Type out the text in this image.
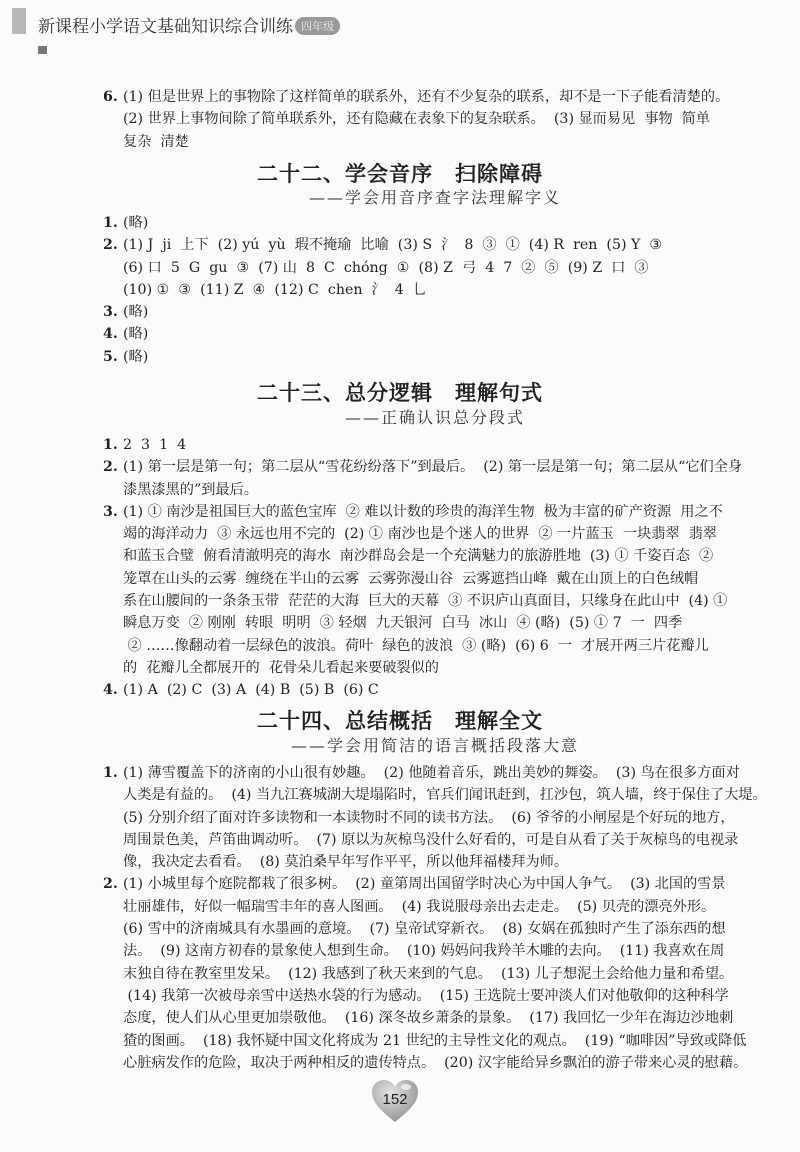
新课程小学语文基础知识综合训练 四年级
6. (1) 但是世界上的事物除了这样简单的联系外，还有不少复杂的联系，却不是一下子能看清楚的。
(2) 世界上事物间除了简单联系外，还有隐藏在表象下的复杂联系。  (3) 显而易见  事物  简单
复杂  清楚
二十二、学会音序　扫除障碍
——学会用音序查字法理解字义
1. (略)
2. (1) J  ji  上下  (2) yú  yù  瑕不掩瑜  比喻  (3) S  氵  8  ③  ①  (4) R  ren  (5) Y  ③
(6) 口  5  G  gu  ③  (7) 山  8  C  chóng  ①  (8) Z  弓  4  7  ②  ⑤  (9) Z  口  ③
(10) ①  ③  (11) Z  ④  (12) C  chen  氵  4  乚
3. (略)
4. (略)
5. (略)
二十三、总分逻辑　理解句式
——正确认识总分段式
1. 2  3  1  4
2. (1) 第一层是第一句；第二层从“雪花纷纷落下”到最后。  (2) 第一层是第一句；第二层从“它们全身
漆黑漆黑的”到最后。
3. (1) ① 南沙是祖国巨大的蓝色宝库  ② 难以计数的珍贵的海洋生物  极为丰富的矿产资源  用之不
竭的海洋动力  ③ 永远也用不完的  (2) ① 南沙也是个迷人的世界  ② 一片蓝玉  一块翡翠  翡翠
和蓝玉合璧  俯看清澈明亮的海水  南沙群岛会是一个充满魅力的旅游胜地  (3) ① 千姿百态  ②
笼罩在山头的云雾  缠绕在半山的云雾  云雾弥漫山谷  云雾遮挡山峰  戴在山顶上的白色绒帽
系在山腰间的一条条玉带  茫茫的大海  巨大的天幕  ③ 不识庐山真面目，只缘身在此山中  (4) ①
瞬息万变  ② 刚刚  转眼  明明  ③ 轻烟  九天银河  白马  冰山  ④ (略)  (5) ① 7  一  四季
② ……像翻动着一层绿色的波浪。荷叶  绿色的波浪  ③ (略)  (6) 6  一  才展开两三片花瓣儿
的  花瓣儿全都展开的  花骨朵儿看起来要破裂似的
4. (1) A  (2) C  (3) A  (4) B  (5) B  (6) C
二十四、总结概括　理解全文
——学会用简洁的语言概括段落大意
1. (1) 薄雪覆盖下的济南的小山很有妙趣。  (2) 他随着音乐，跳出美妙的舞姿。  (3) 鸟在很多方面对
人类是有益的。  (4) 当九江赛城湖大堤塌陷时，官兵们闻讯赶到，扛沙包，筑人墙，终于保住了大堤。
(5) 分别介绍了面对许多读物和一本读物时不同的读书方法。  (6) 爷爷的小闸屋是个好玩的地方，
周围景色美，芦笛曲调动听。  (7) 原以为灰椋鸟没什么好看的，可是自从看了关于灰椋鸟的电视录
像，我决定去看看。  (8) 莫泊桑早年写作平平，所以他拜福楼拜为师。
2. (1) 小城里每个庭院都栽了很多树。  (2) 童第周出国留学时决心为中国人争气。  (3) 北国的雪景
壮丽雄伟，好似一幅瑞雪丰年的喜人图画。  (4) 我说服母亲出去走走。  (5) 贝壳的漂亮外形。
(6) 雪中的济南城具有水墨画的意境。  (7) 皇帝试穿新衣。  (8) 女娲在孤独时产生了添东西的想
法。  (9) 这南方初春的景象使人想到生命。  (10) 妈妈问我羚羊木雕的去向。  (11) 我喜欢在周
末独自待在教室里发呆。  (12) 我感到了秋天来到的气息。  (13) 儿子想泥土会给他力量和希望。
(14) 我第一次被母亲雪中送热水袋的行为感动。  (15) 王选院士要冲淡人们对他敬仰的这种科学
态度，使人们从心里更加崇敬他。  (16) 深冬故乡萧条的景象。  (17) 我回忆一少年在海边沙地刺
猹的图画。  (18) 我怀疑中国文化将成为 21 世纪的主导性文化的观点。  (19) “咖啡因”导致或降低
心脏病发作的危险，取决于两种相反的遗传特点。  (20) 汉字能给异乡飘泊的游子带来心灵的慰藉。
152
